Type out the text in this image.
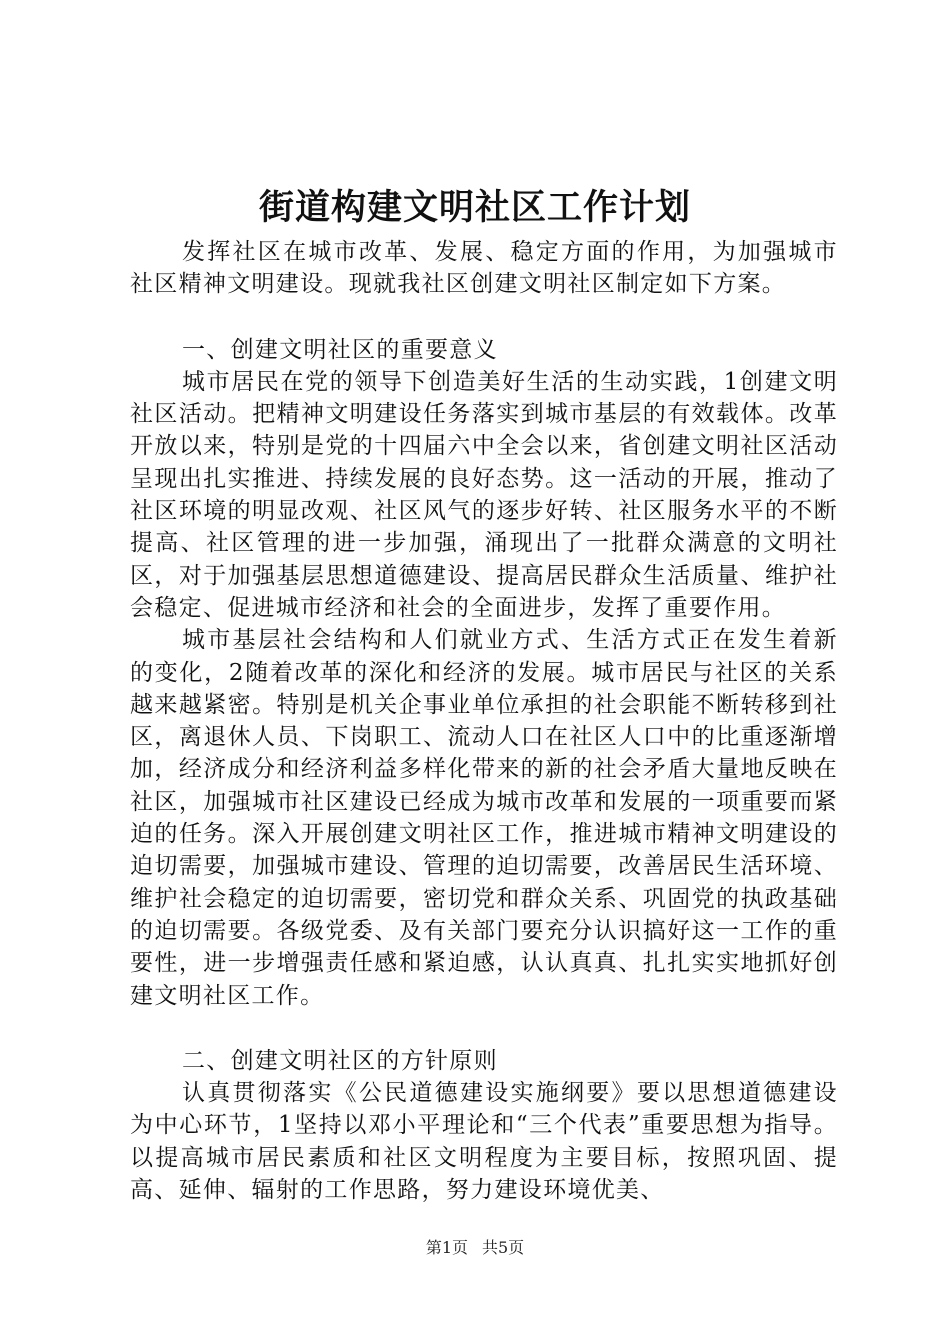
街道构建文明社区工作计划

发挥社区在城市改革、发展、稳定方面的作用，为加强城市社区精神文明建设。现就我社区创建文明社区制定如下方案。

一、创建文明社区的重要意义

城市居民在党的领导下创造美好生活的生动实践，1创建文明社区活动。把精神文明建设任务落实到城市基层的有效载体。改革开放以来，特别是党的十四届六中全会以来，省创建文明社区活动呈现出扎实推进、持续发展的良好态势。这一活动的开展，推动了社区环境的明显改观、社区风气的逐步好转、社区服务水平的不断提高、社区管理的进一步加强，涌现出了一批群众满意的文明社区，对于加强基层思想道德建设、提高居民群众生活质量、维护社会稳定、促进城市经济和社会的全面进步，发挥了重要作用。

城市基层社会结构和人们就业方式、生活方式正在发生着新的变化，2随着改革的深化和经济的发展。城市居民与社区的关系越来越紧密。特别是机关企事业单位承担的社会职能不断转移到社区，离退休人员、下岗职工、流动人口在社区人口中的比重逐渐增加，经济成分和经济利益多样化带来的新的社会矛盾大量地反映在社区，加强城市社区建设已经成为城市改革和发展的一项重要而紧迫的任务。深入开展创建文明社区工作，推进城市精神文明建设的迫切需要，加强城市建设、管理的迫切需要，改善居民生活环境、维护社会稳定的迫切需要，密切党和群众关系、巩固党的执政基础的迫切需要。各级党委、及有关部门要充分认识搞好这一工作的重要性，进一步增强责任感和紧迫感，认认真真、扎扎实实地抓好创建文明社区工作。

二、创建文明社区的方针原则

认真贯彻落实《公民道德建设实施纲要》要以思想道德建设为中心环节，1坚持以邓小平理论和“三个代表”重要思想为指导。以提高城市居民素质和社区文明程度为主要目标，按照巩固、提高、延伸、辐射的工作思路，努力建设环境优美、

第1页 共5页
